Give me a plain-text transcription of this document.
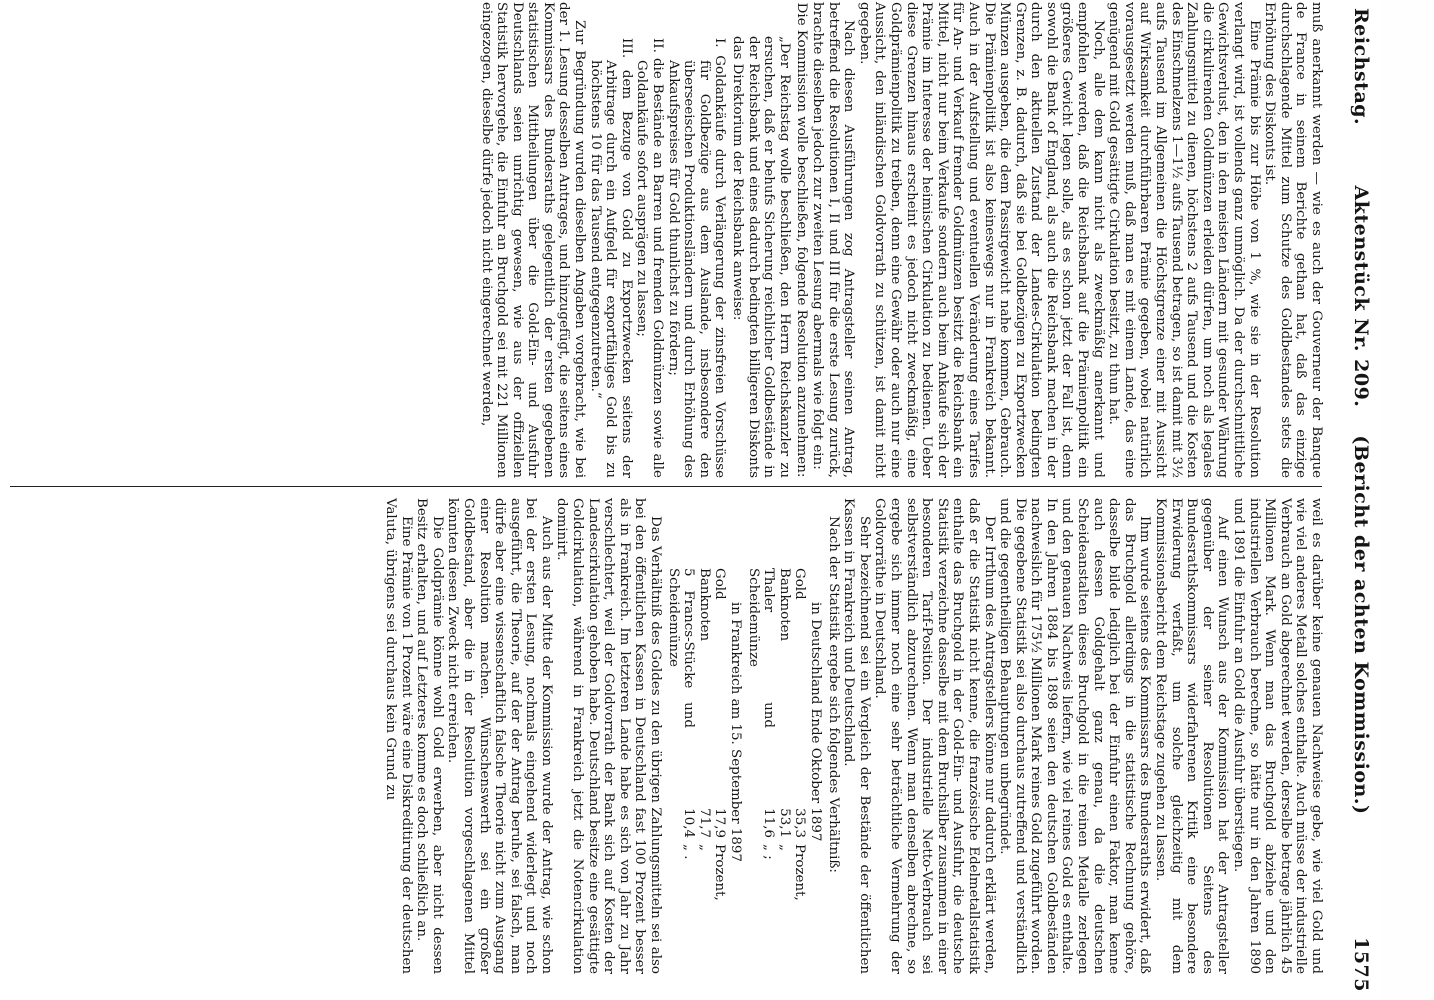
Reichstag.
Aktenstück Nr. 209.(Bericht der achten Kommission.)
1575

muß anerkannt werden — wie es auch der Gouverneur der Banque de France in seinem Berichte gethan hat, daß das einzige durchschlagende Mittel zum Schutze des Goldbestandes stets die Erhöhung des Diskonts ist.

Eine Prämie bis zur Höhe von 1 %, wie sie in der Resolution verlangt wird, ist vollends ganz unmöglich. Da der durchschnittliche Gewichtsverlust, den in den meisten Ländern mit gesunder Währung die cirkulirenden Goldmünzen erleiden dürfen, um noch als legales Zahlungsmittel zu dienen, höchstens 2 aufs Tausend und die Kosten des Einschmelzens 1—1½ aufs Tausend betragen, so ist damit mit 3½ aufs Tausend im Allgemeinen die Höchstgrenze einer mit Aussicht auf Wirksamkeit durchführbaren Prämie gegeben, wobei natürlich vorausgesetzt werden muß, daß man es mit einem Lande, das eine genügend mit Gold gesättigte Cirkulation besitzt, zu thun hat.

Noch, alle dem kann nicht als zweckmäßig anerkannt und empfohlen werden, daß die Reichsbank auf die Prämienpolitik ein größeres Gewicht legen solle, als es schon jetzt der Fall ist, denn sowohl die Bank of England, als auch die Reichsbank machen in der durch den aktuellen Zustand der Landes-Cirkulation bedingten Grenzen, z. B. dadurch, daß sie bei Goldbezügen zu Exportzwecken Münzen ausgeben, die dem Passirgewicht nahe kommen, Gebrauch. Die Prämienpolitik ist also keineswegs nur in Frankreich bekannt. Auch in der Aufstellung und eventuellen Veränderung eines Tarifes für An- und Verkauf fremder Goldmünzen besitzt die Reichsbank ein Mittel, nicht nur beim Verkaufe sondern auch beim Ankaufe sich der Prämie im Interesse der heimischen Cirkulation zu bedienen. Ueber diese Grenzen hinaus erscheint es jedoch nicht zweckmäßig, eine Goldprämienpolitik zu treiben, denn eine Gewähr oder auch nur eine Aussicht, den inländischen Goldvorrath zu schützen, ist damit nicht gegeben.

Nach diesen Ausführungen zog Antragsteller seinen Antrag, betreffend die Resolutionen I, II und III für die erste Lesung zurück, brachte dieselben jedoch zur zweiten Lesung abermals wie folgt ein:

Die Kommission wolle beschließen, folgende Resolution anzunehmen:

„Der Reichstag wolle beschließen, den Herrn Reichskanzler zu ersuchen, daß er behufs Sicherung reichlicher Goldbestände in der Reichsbank und eines dadurch bedingten billigeren Diskonts das Direktorium der Reichsbank anweise:

I. Goldankäufe durch Verlängerung der zinsfreien Vorschüsse für Goldbezüge aus dem Auslande, insbesondere den überseeischen Produktionsländern und durch Erhöhung des Ankaufspreises für Gold thunlichst zu fördern;

II. die Bestände an Barren und fremden Goldmünzen sowie alle Goldankäufe sofort ausprägen zu lassen;

III. dem Bezuge von Gold zu Exportzwecken seitens der Arbitrage durch ein Aufgeld für exportfähiges Gold bis zu höchstens 10 für das Tausend entgegenzutreten.“

Zur Begründung wurden dieselben Angaben vorgebracht, wie bei der 1. Lesung desselben Antrages, und hinzugefügt, die seitens eines Kommissars des Bundesraths gelegentlich der ersten gegebenen statistischen Mittheilungen über die Gold-Ein- und Ausfuhr Deutschlands seien unrichtig gewesen, wie aus der offiziellen Statistik hervorgehe, die Einfuhr an Bruchgold sei mit 221 Millionen eingezogen, dieselbe dürfe jedoch nicht eingerechnet werden,

weil es darüber keine genauen Nachweise gebe, wie viel Gold und wie viel anderes Metall solches enthalte. Auch müsse der industrielle Verbrauch an Gold abgerechnet werden, derselbe betrage jährlich 45 Millionen Mark. Wenn man das Bruchgold abziehe und den industriellen Verbrauch berechne, so hätte nur in den Jahren 1890 und 1891 die Einfuhr an Gold die Ausfuhr überstiegen.

Auf einen Wunsch aus der Kommission hat der Antragsteller gegenüber der seiner Resolutionen Seitens des Bundesrathskommissars widerfahrenen Kritik eine besondere Erwiderung verfaßt, um solche gleichzeitig mit dem Kommissionsbericht dem Reichstage zugehen zu lassen.

Ihm wurde seitens des Kommissars des Bundesraths erwidert, daß das Bruchgold allerdings in die statistische Rechnung gehöre, dasselbe bilde lediglich bei der Einfuhr einen Faktor, man kenne auch dessen Goldgehalt ganz genau, da die deutschen Scheideanstalten dieses Bruchgold in die reinen Metalle zerlegen und den genauen Nachweis liefern, wie viel reines Gold es enthalte. In den Jahren 1884 bis 1898 seien den deutschen Goldbeständen nachweislich für 175½ Millionen Mark reines Gold zugeführt worden. Die gegebene Statistik sei also durchaus zutreffend und verständlich und die gegentheiligen Behauptungen unbegründet.

Der Irrthum des Antragstellers könne nur dadurch erklärt werden, daß er die Statistik nicht kenne, die französische Edelmetallstatistik enthalte das Bruchgold in der Gold-Ein- und Ausfuhr, die deutsche Statistik verzeichne dasselbe mit dem Bruchsilber zusammen in einer besonderen Tarif-Position. Der industrielle Netto-Verbrauch sei selbstverständlich abzurechnen. Wenn man denselben abrechne, so ergebe sich immer noch eine sehr beträchtliche Vermehrung der Goldvorräthe in Deutschland.

Sehr bezeichnend sei ein Vergleich der Bestände der öffentlichen Kassen in Frankreich und Deutschland.

Nach der Statistik ergebe sich folgendes Verhältniß:

in Deutschland Ende Oktober 1897
Gold
35,3
Prozent,
Banknoten
53,1
„
Thaler und Scheidemünze
11,6
„ ;
in Frankreich am 15. September 1897
Gold
17,9
Prozent,
Banknoten
71,7
„
5 Francs-Stücke und Scheidemünze
10,4
„ .

Das Verhältniß des Goldes zu den übrigen Zahlungsmitteln sei also bei den öffentlichen Kassen in Deutschland fast 100 Prozent besser als in Frankreich. Im letzteren Lande habe es sich von Jahr zu Jahr verschlechtert, weil der Goldvorrath der Bank sich auf Kosten der Landescirkulation gehoben habe. Deutschland besitze eine gesättigte Goldcirkulation, während in Frankreich jetzt die Notencirkulation dominirt.

Auch aus der Mitte der Kommission wurde der Antrag, wie schon bei der ersten Lesung, nochmals eingehend widerlegt und noch ausgeführt, die Theorie, auf der der Antrag beruhe, sei falsch, man dürfe aber eine wissenschaftlich falsche Theorie nicht zum Ausgang einer Resolution machen. Wünschenswerth sei ein großer Goldbestand, aber die in der Resolution vorgeschlagenen Mittel könnten diesen Zweck nicht erreichen.

Die Goldprämie könne wohl Gold erwerben, aber nicht dessen Besitz erhalten, und auf Letzteres komme es doch schließlich an.

Eine Prämie von 1 Prozent wäre eine Diskreditirung der deutschen Valuta, übrigens sei durchaus kein Grund zu
